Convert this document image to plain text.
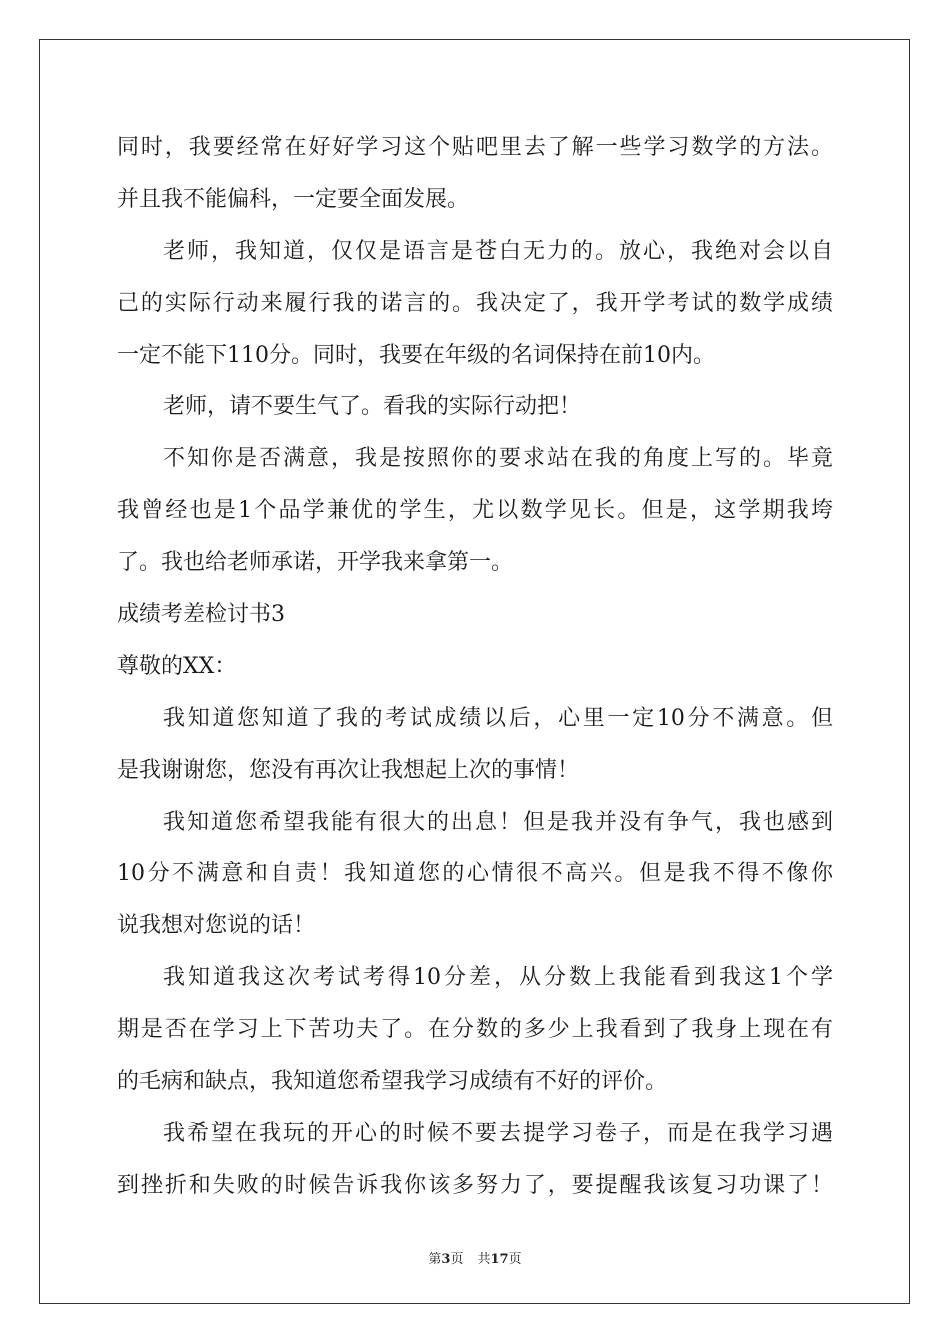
同时，我要经常在好好学习这个贴吧里去了解一些学习数学的方法。
并且我不能偏科，一定要全面发展。
老师，我知道，仅仅是语言是苍白无力的。放心，我绝对会以自
己的实际行动来履行我的诺言的。我决定了，我开学考试的数学成绩
一定不能下110分。同时，我要在年级的名词保持在前10内。
老师，请不要生气了。看我的实际行动把！
不知你是否满意，我是按照你的要求站在我的角度上写的。毕竟
我曾经也是1个品学兼优的学生，尤以数学见长。但是，这学期我垮
了。我也给老师承诺，开学我来拿第一。
成绩考差检讨书3
尊敬的XX：
我知道您知道了我的考试成绩以后，心里一定10分不满意。但
是我谢谢您，您没有再次让我想起上次的事情！
我知道您希望我能有很大的出息！但是我并没有争气，我也感到
10分不满意和自责！我知道您的心情很不高兴。但是我不得不像你
说我想对您说的话！
我知道我这次考试考得10分差，从分数上我能看到我这1个学
期是否在学习上下苦功夫了。在分数的多少上我看到了我身上现在有
的毛病和缺点，我知道您希望我学习成绩有不好的评价。
我希望在我玩的开心的时候不要去提学习卷子，而是在我学习遇
到挫折和失败的时候告诉我你该多努力了，要提醒我该复习功课了！
第3页 共17页
